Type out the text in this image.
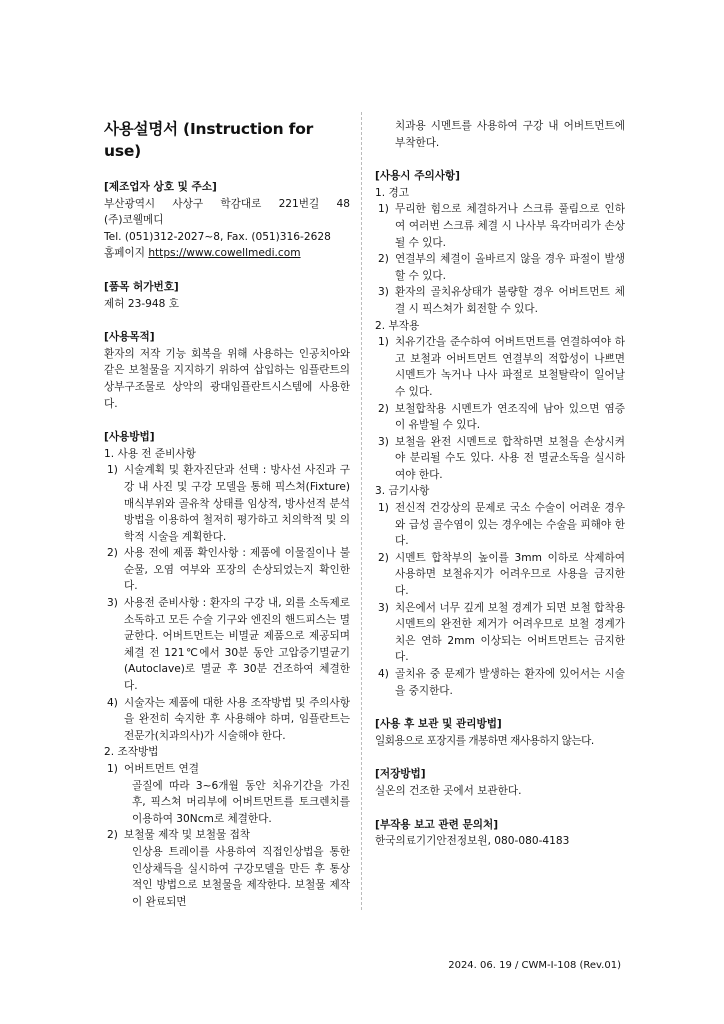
사용설명서 (Instruction for use)
[제조업자 상호 및 주소]
부산광역시 사상구 학감대로 221번길 48
(주)코웰메디
Tel. (051)312-2027~8, Fax. (051)316-2628
홈페이지 https://www.cowellmedi.com
[품목 허가번호]
제허 23-948 호
[사용목적]
환자의 저작 기능 회복을 위해 사용하는 인공치아와 같은 보철물을 지지하기 위하여 삽입하는 임플란트의 상부구조물로 상악의 광대임플란트시스템에 사용한다.
[사용방법]
1. 사용 전 준비사항
1) 시술계획 및 환자진단과 선택 : 방사선 사진과 구강 내 사진 및 구강 모델을 통해 픽스쳐(Fixture) 매식부위와 골유착 상태를 임상적, 방사선적 분석 방법을 이용하여 철저히 평가하고 치의학적 및 의학적 시술을 계획한다.
2) 사용 전에 제품 확인사항 : 제품에 이물질이나 불순물, 오염 여부와 포장의 손상되었는지 확인한다.
3) 사용전 준비사항 : 환자의 구강 내, 외를 소독제로 소독하고 모든 수술 기구와 엔진의 핸드피스는 멸균한다. 어버트먼트는 비멸균 제품으로 제공되며 체결 전 121℃에서 30분 동안 고압증기멸균기(Autoclave)로 멸균 후 30분 건조하여 체결한다.
4) 시술자는 제품에 대한 사용 조작방법 및 주의사항을 완전히 숙지한 후 사용해야 하며, 임플란트는 전문가(치과의사)가 시술해야 한다.
2. 조작방법
1) 어버트먼트 연결
골질에 따라 3~6개월 동안 치유기간을 가진 후, 픽스쳐 머리부에 어버트먼트를 토크렌치를 이용하여 30Ncm로 체결한다.
2) 보철물 제작 및 보철물 접착
인상용 트레이를 사용하여 직접인상법을 통한 인상채득을 실시하여 구강모델을 만든 후 통상적인 방법으로 보철물을 제작한다. 보철물 제작이 완료되면
치과용 시멘트를 사용하여 구강 내 어버트먼트에 부착한다.
[사용시 주의사항]
1. 경고
1) 무리한 힘으로 체결하거나 스크류 풀림으로 인하여 여러번 스크류 체결 시 나사부 육각머리가 손상될 수 있다.
2) 연결부의 체결이 올바르지 않을 경우 파절이 발생할 수 있다.
3) 환자의 골치유상태가 불량할 경우 어버트먼트 체결 시 픽스쳐가 회전할 수 있다.
2. 부작용
1) 치유기간을 준수하여 어버트먼트를 연결하여야 하고 보철과 어버트먼트 연결부의 적합성이 나쁘면 시멘트가 녹거나 나사 파절로 보철탈락이 일어날 수 있다.
2) 보철합착용 시멘트가 연조직에 남아 있으면 염증이 유발될 수 있다.
3) 보철을 완전 시멘트로 합착하면 보철을 손상시켜야 분리될 수도 있다. 사용 전 멸균소독을 실시하여야 한다.
3. 금기사항
1) 전신적 건강상의 문제로 국소 수술이 어려운 경우와 급성 골수염이 있는 경우에는 수술을 피해야 한다.
2) 시멘트 합착부의 높이를 3mm 이하로 삭제하여 사용하면 보철유지가 어려우므로 사용을 금지한다.
3) 치은에서 너무 깊게 보철 경계가 되면 보철 합착용 시멘트의 완전한 제거가 어려우므로 보철 경계가 치은 연하 2mm 이상되는 어버트먼트는 금지한다.
4) 골치유 중 문제가 발생하는 환자에 있어서는 시술을 중지한다.
[사용 후 보관 및 관리방법]
일회용으로 포장지를 개봉하면 재사용하지 않는다.
[저장방법]
실온의 건조한 곳에서 보관한다.
[부작용 보고 관련 문의처]
한국의료기기안전정보원, 080-080-4183
2024. 06. 19 / CWM-I-108 (Rev.01)
